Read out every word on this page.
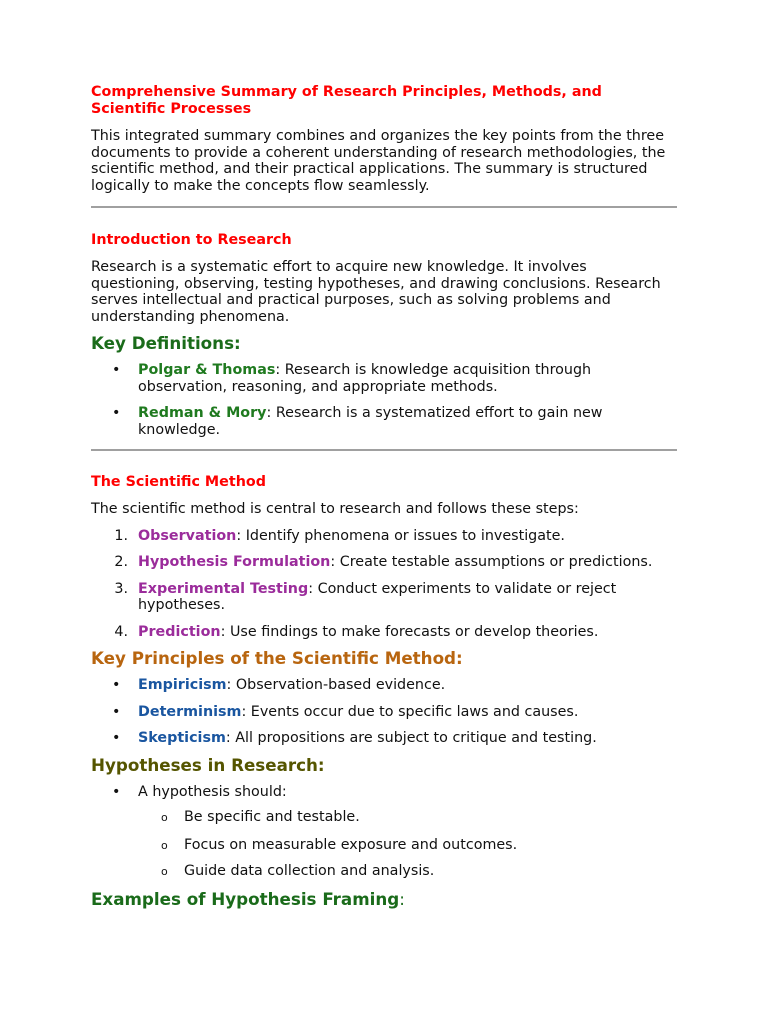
Comprehensive Summary of Research Principles, Methods, and Scientific Processes

This integrated summary combines and organizes the key points from the three documents to provide a coherent understanding of research methodologies, the scientific method, and their practical applications. The summary is structured logically to make the concepts flow seamlessly.

Introduction to Research

Research is a systematic effort to acquire new knowledge. It involves questioning, observing, testing hypotheses, and drawing conclusions. Research serves intellectual and practical purposes, such as solving problems and understanding phenomena.

Key Definitions:
• Polgar & Thomas: Research is knowledge acquisition through observation, reasoning, and appropriate methods.
• Redman & Mory: Research is a systematized effort to gain new knowledge.
The Scientific Method

The scientific method is central to research and follows these steps:

1. Observation: Identify phenomena or issues to investigate.
2. Hypothesis Formulation: Create testable assumptions or predictions.
3. Experimental Testing: Conduct experiments to validate or reject hypotheses.
4. Prediction: Use findings to make forecasts or develop theories.
Key Principles of the Scientific Method:
• Empiricism: Observation-based evidence.
• Determinism: Events occur due to specific laws and causes.
• Skepticism: All propositions are subject to critique and testing.
Hypotheses in Research:
• A hypothesis should:
o Be specific and testable.
o Focus on measurable exposure and outcomes.
o Guide data collection and analysis.
Examples of Hypothesis Framing:
